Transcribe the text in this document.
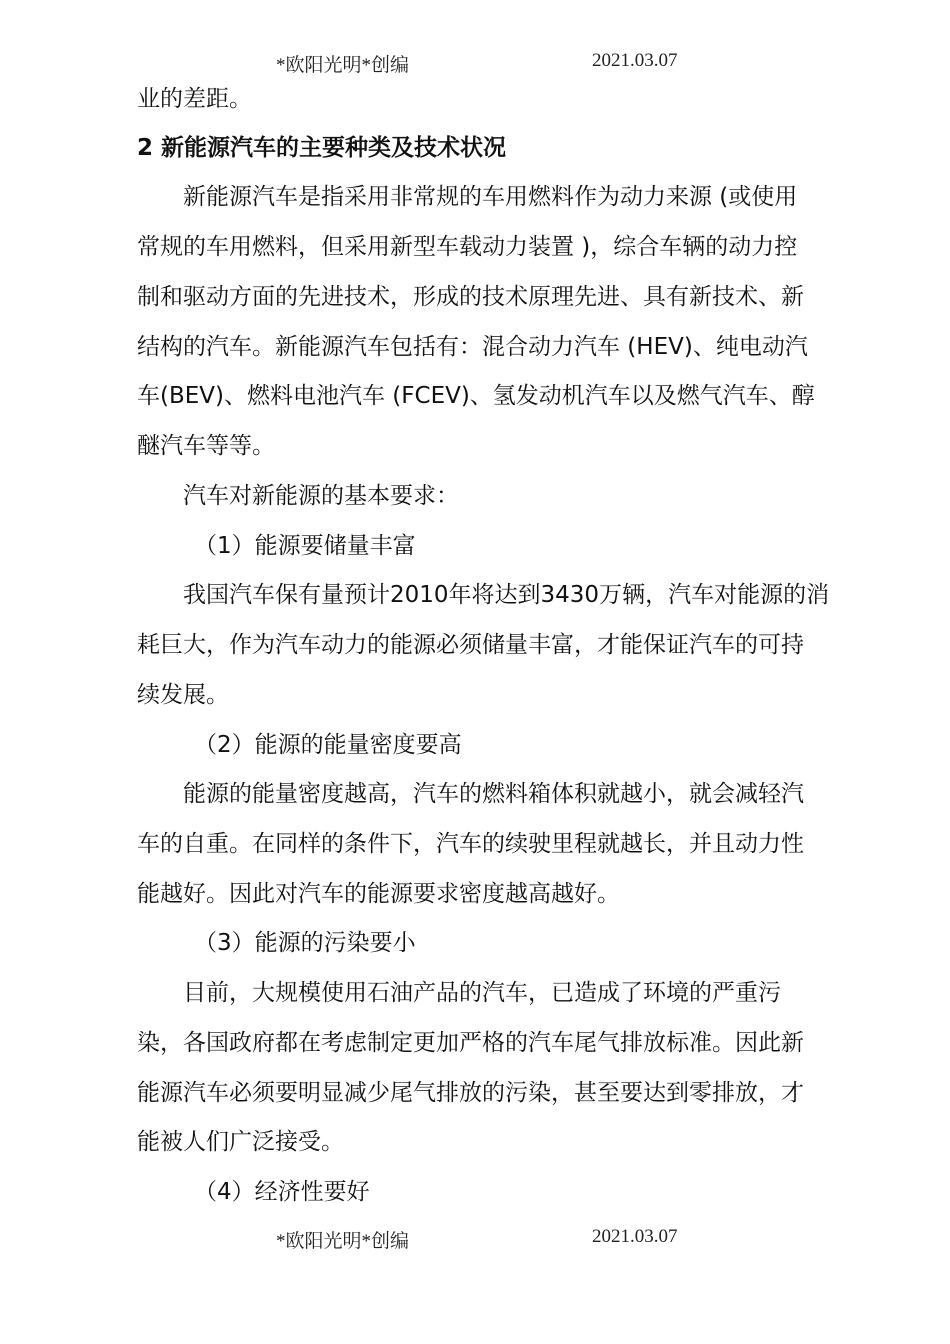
*欧阳光明*创编	2021.03.07
业的差距。
2 新能源汽车的主要种类及技术状况
新能源汽车是指采用非常规的车用燃料作为动力来源 (或使用
常规的车用燃料，但采用新型车载动力装置 )，综合车辆的动力控
制和驱动方面的先进技术，形成的技术原理先进、具有新技术、新
结构的汽车。新能源汽车包括有：混合动力汽车 (HEV)、纯电动汽
车(BEV)、燃料电池汽车 (FCEV)、氢发动机汽车以及燃气汽车、醇
醚汽车等等。
汽车对新能源的基本要求：
（1）能源要储量丰富
我国汽车保有量预计2010年将达到3430万辆，汽车对能源的消
耗巨大，作为汽车动力的能源必须储量丰富，才能保证汽车的可持
续发展。
（2）能源的能量密度要高
能源的能量密度越高，汽车的燃料箱体积就越小，就会减轻汽
车的自重。在同样的条件下，汽车的续驶里程就越长，并且动力性
能越好。因此对汽车的能源要求密度越高越好。
（3）能源的污染要小
目前，大规模使用石油产品的汽车，已造成了环境的严重污
染，各国政府都在考虑制定更加严格的汽车尾气排放标准。因此新
能源汽车必须要明显减少尾气排放的污染，甚至要达到零排放，才
能被人们广泛接受。
（4）经济性要好
*欧阳光明*创编	2021.03.07
